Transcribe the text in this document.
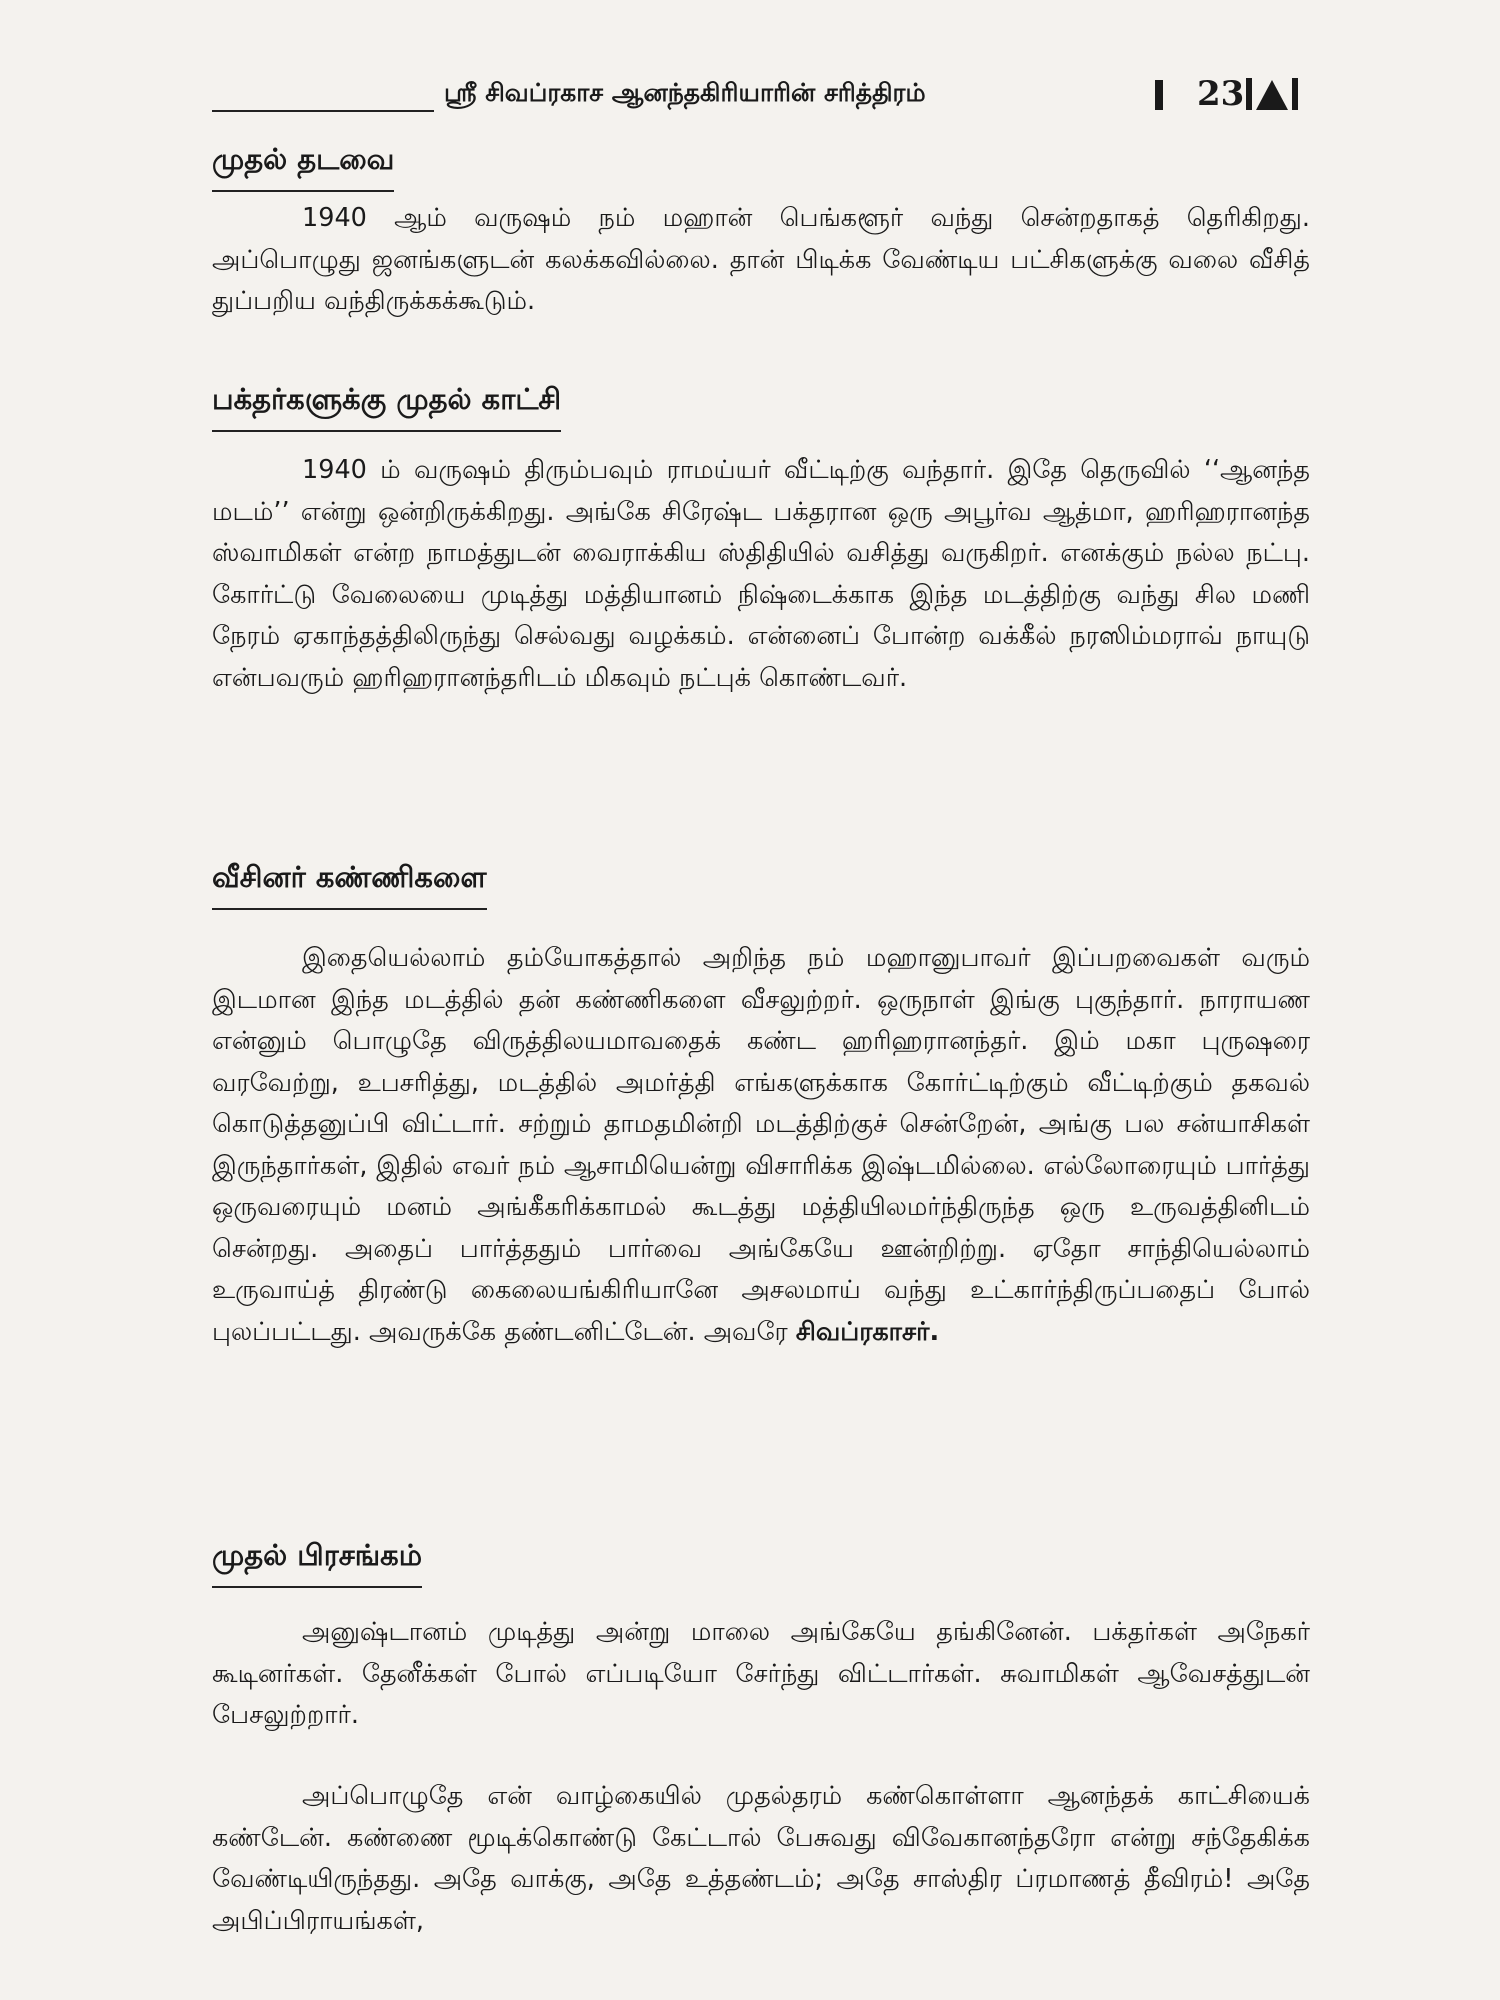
ஸ்ரீ சிவப்ரகாச ஆனந்தகிரியாரின் சரித்திரம்	23
முதல் தடவை

1940 ஆம் வருஷம் நம் மஹான் பெங்களூர் வந்து சென்றதாகத் தெரிகிறது. அப்பொழுது ஜனங்களுடன் கலக்கவில்லை. தான் பிடிக்க வேண்டிய பட்சிகளுக்கு வலை வீசித் துப்பறிய வந்திருக்கக்கூடும்.

பக்தர்களுக்கு முதல் காட்சி

1940 ம் வருஷம் திரும்பவும் ராமய்யர் வீட்டிற்கு வந்தார். இதே தெருவில் ‘‘ஆனந்த மடம்’’ என்று ஒன்றிருக்கிறது. அங்கே சிரேஷ்ட பக்தரான ஒரு அபூர்வ ஆத்மா, ஹரிஹரானந்த ஸ்வாமிகள் என்ற நாமத்துடன் வைராக்கிய ஸ்திதியில் வசித்து வருகிறர். எனக்கும் நல்ல நட்பு. கோர்ட்டு வேலையை முடித்து மத்தியானம் நிஷ்டைக்காக இந்த மடத்திற்கு வந்து சில மணி நேரம் ஏகாந்தத்திலிருந்து செல்வது வழக்கம். என்னைப் போன்ற வக்கீல் நரஸிம்மராவ் நாயுடு என்பவரும் ஹரிஹரானந்தரிடம் மிகவும் நட்புக் கொண்டவர்.

வீசினர் கண்ணிகளை

இதையெல்லாம் தம்யோகத்தால் அறிந்த நம் மஹானுபாவர் இப்பறவைகள் வரும் இடமான இந்த மடத்தில் தன் கண்ணிகளை வீசலுற்றர். ஒருநாள் இங்கு புகுந்தார். நாராயண என்னும் பொழுதே விருத்திலயமாவதைக் கண்ட ஹரிஹரானந்தர். இம் மகா புருஷரை வரவேற்று, உபசரித்து, மடத்தில் அமர்த்தி எங்களுக்காக கோர்ட்டிற்கும் வீட்டிற்கும் தகவல் கொடுத்தனுப்பி விட்டார். சற்றும் தாமதமின்றி மடத்திற்குச் சென்றேன், அங்கு பல சன்யாசிகள் இருந்தார்கள், இதில் எவர் நம் ஆசாமியென்று விசாரிக்க இஷ்டமில்லை. எல்லோரையும் பார்த்து ஒருவரையும் மனம் அங்கீகரிக்காமல் கூடத்து மத்தியிலமர்ந்திருந்த ஒரு உருவத்தினிடம் சென்றது. அதைப் பார்த்ததும் பார்வை அங்கேயே ஊன்றிற்று. ஏதோ சாந்தியெல்லாம் உருவாய்த் திரண்டு கைலையங்கிரியானே அசலமாய் வந்து உட்கார்ந்திருப்பதைப் போல் புலப்பட்டது. அவருக்கே தண்டனிட்டேன். அவரே சிவப்ரகாசர்.

முதல் பிரசங்கம்

அனுஷ்டானம் முடித்து அன்று மாலை அங்கேயே தங்கினேன். பக்தர்கள் அநேகர் கூடினர்கள். தேனீக்கள் போல் எப்படியோ சேர்ந்து விட்டார்கள். சுவாமிகள் ஆவேசத்துடன் பேசலுற்றார்.

அப்பொழுதே என் வாழ்கையில் முதல்தரம் கண்கொள்ளா ஆனந்தக் காட்சியைக் கண்டேன். கண்ணை மூடிக்கொண்டு கேட்டால் பேசுவது விவேகானந்தரோ என்று சந்தேகிக்க வேண்டியிருந்தது. அதே வாக்கு, அதே உத்தண்டம்; அதே சாஸ்திர ப்ரமாணத் தீவிரம்! அதே அபிப்பிராயங்கள்,
